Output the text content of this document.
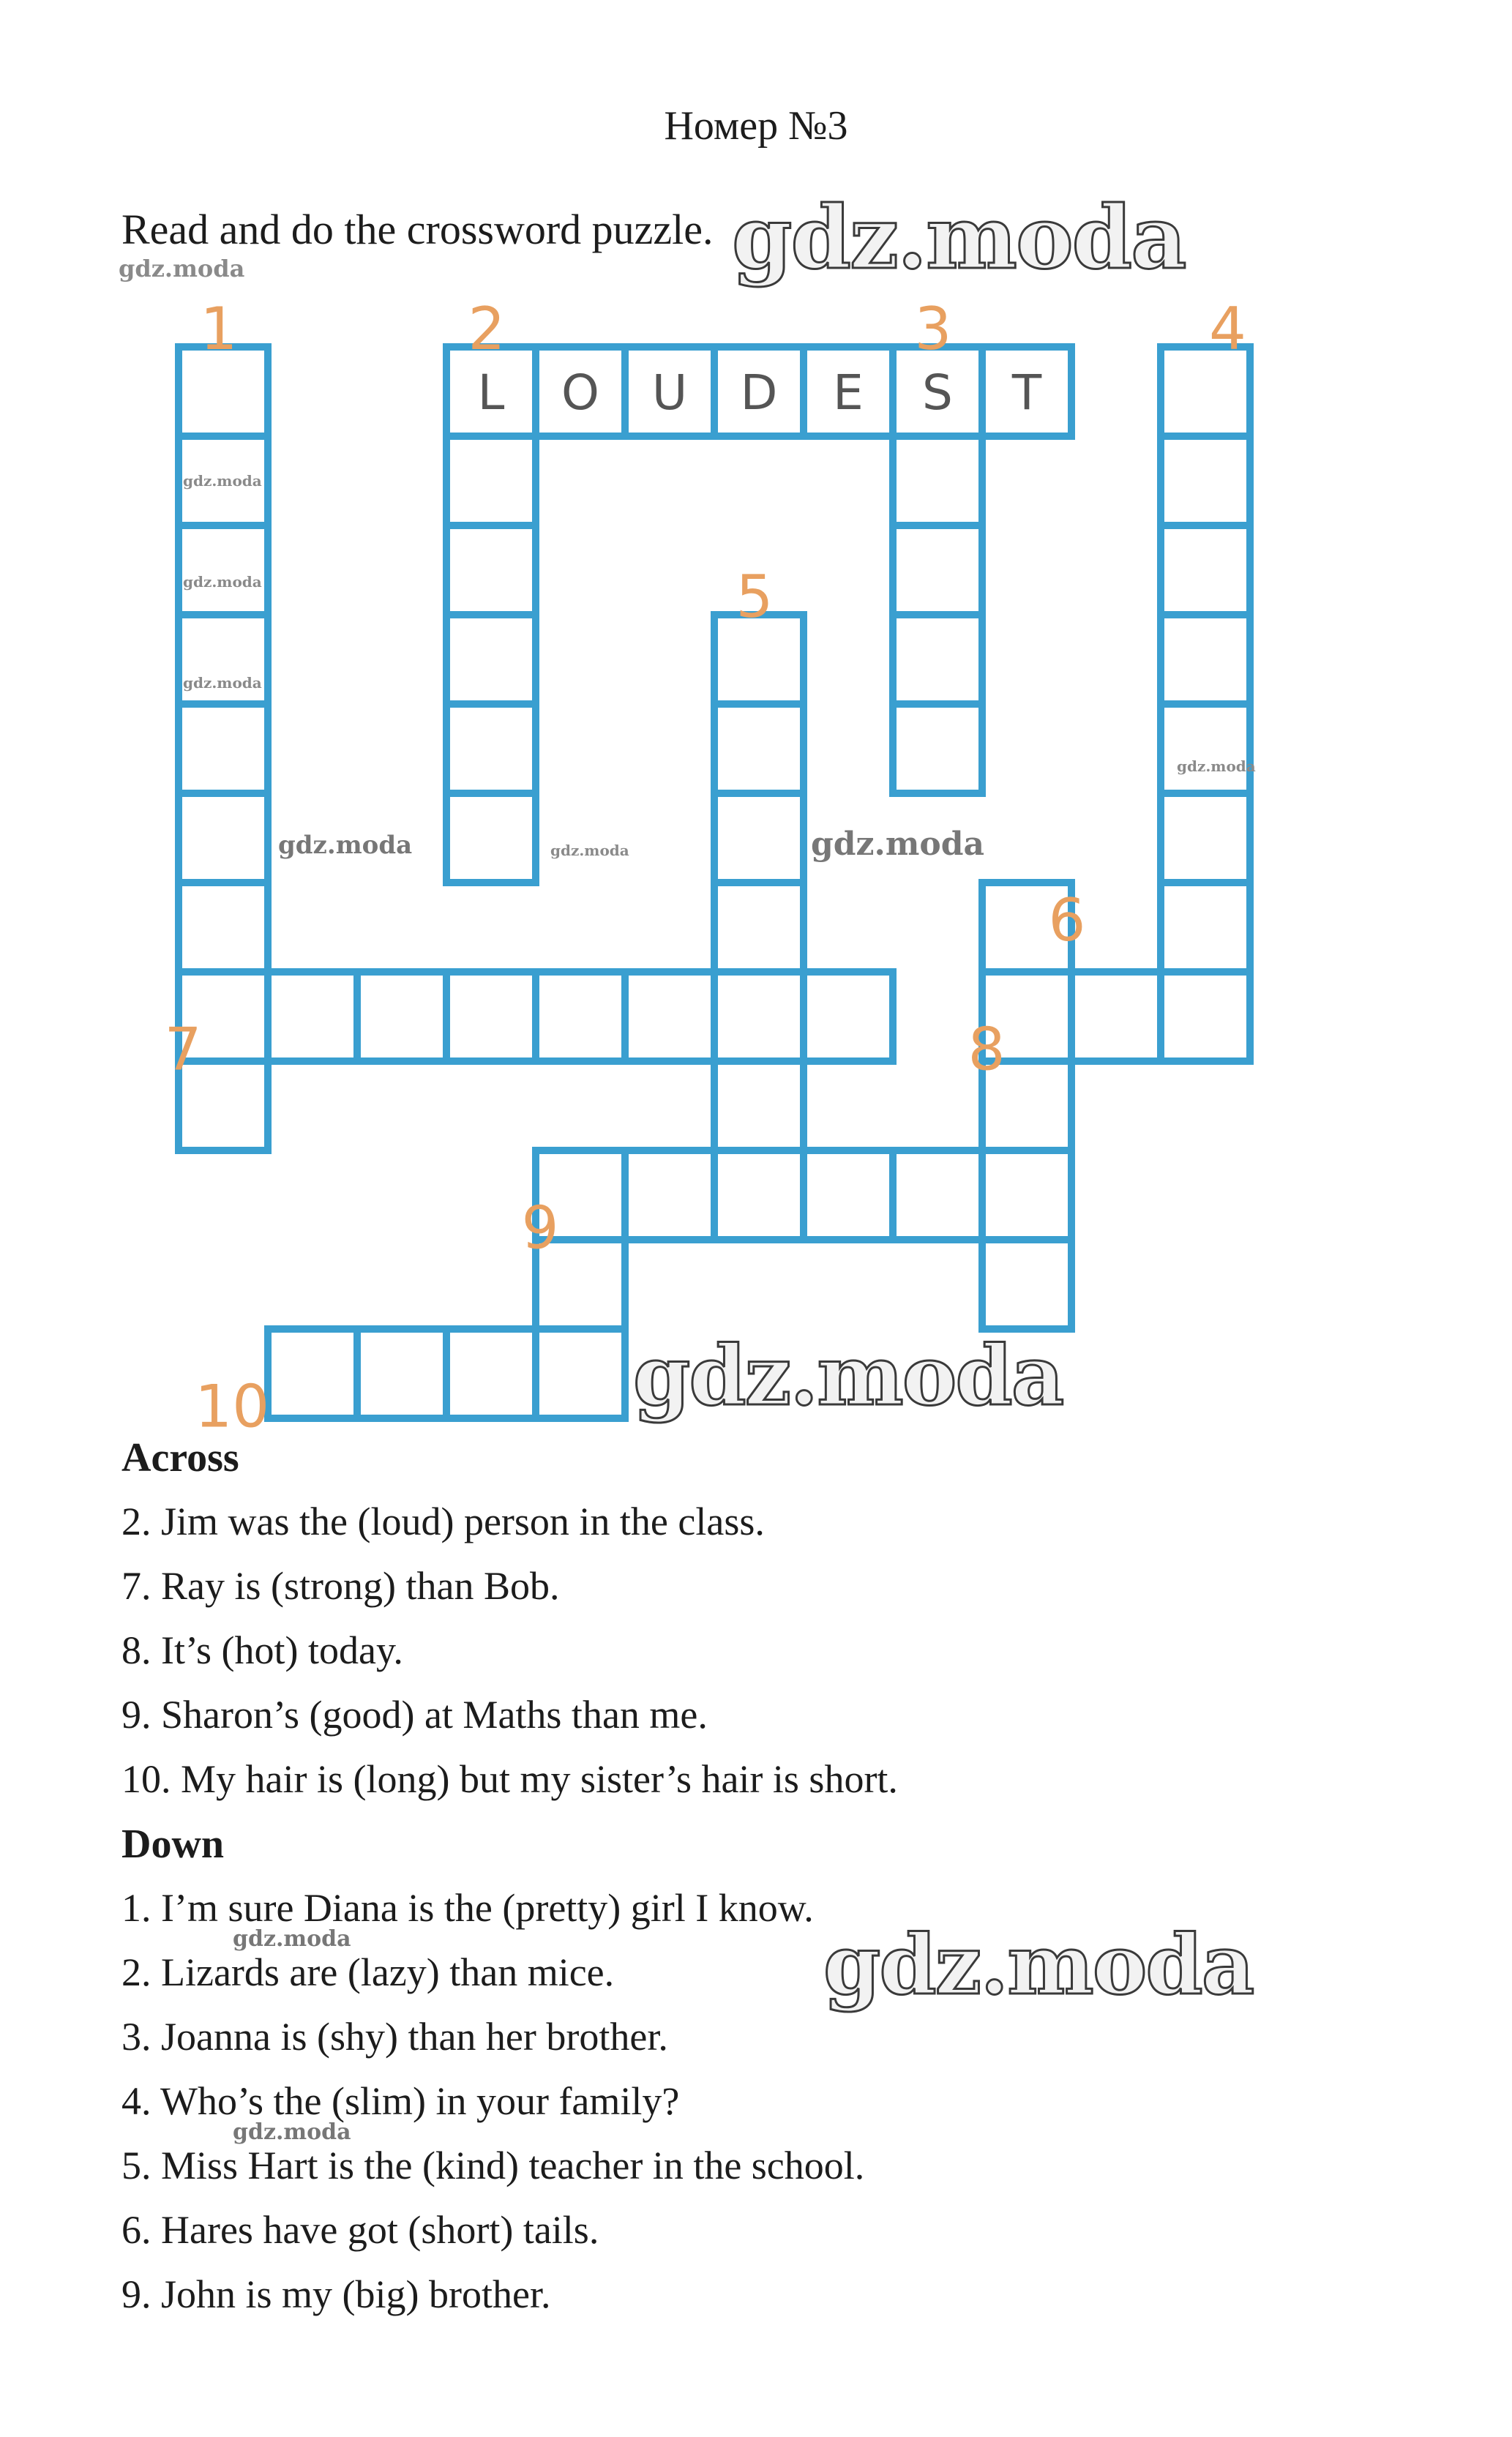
Номер №3
Read and do the crossword puzzle.
L O U D E S T
1	2	3	4
5
6
7	8
9
10
gdz.moda
gdz.moda
gdz.moda
gdz.moda
gdz.moda
gdz.moda
gdz.moda	gdz.moda	gdz.moda
gdz.moda
Across
2. Jim was the (loud) person in the class.
7. Ray is (strong) than Bob.
8. It’s (hot) today.
9. Sharon’s (good) at Maths than me.
10. My hair is (long) but my sister’s hair is short.
Down
1. I’m sure Diana is the (pretty) girl I know.
gdz.moda
2. Lizards are (lazy) than mice.	gdz.moda
3. Joanna is (shy) than her brother.
4. Who’s the (slim) in your family?
gdz.moda
5. Miss Hart is the (kind) teacher in the school.
6. Hares have got (short) tails.
9. John is my (big) brother.
